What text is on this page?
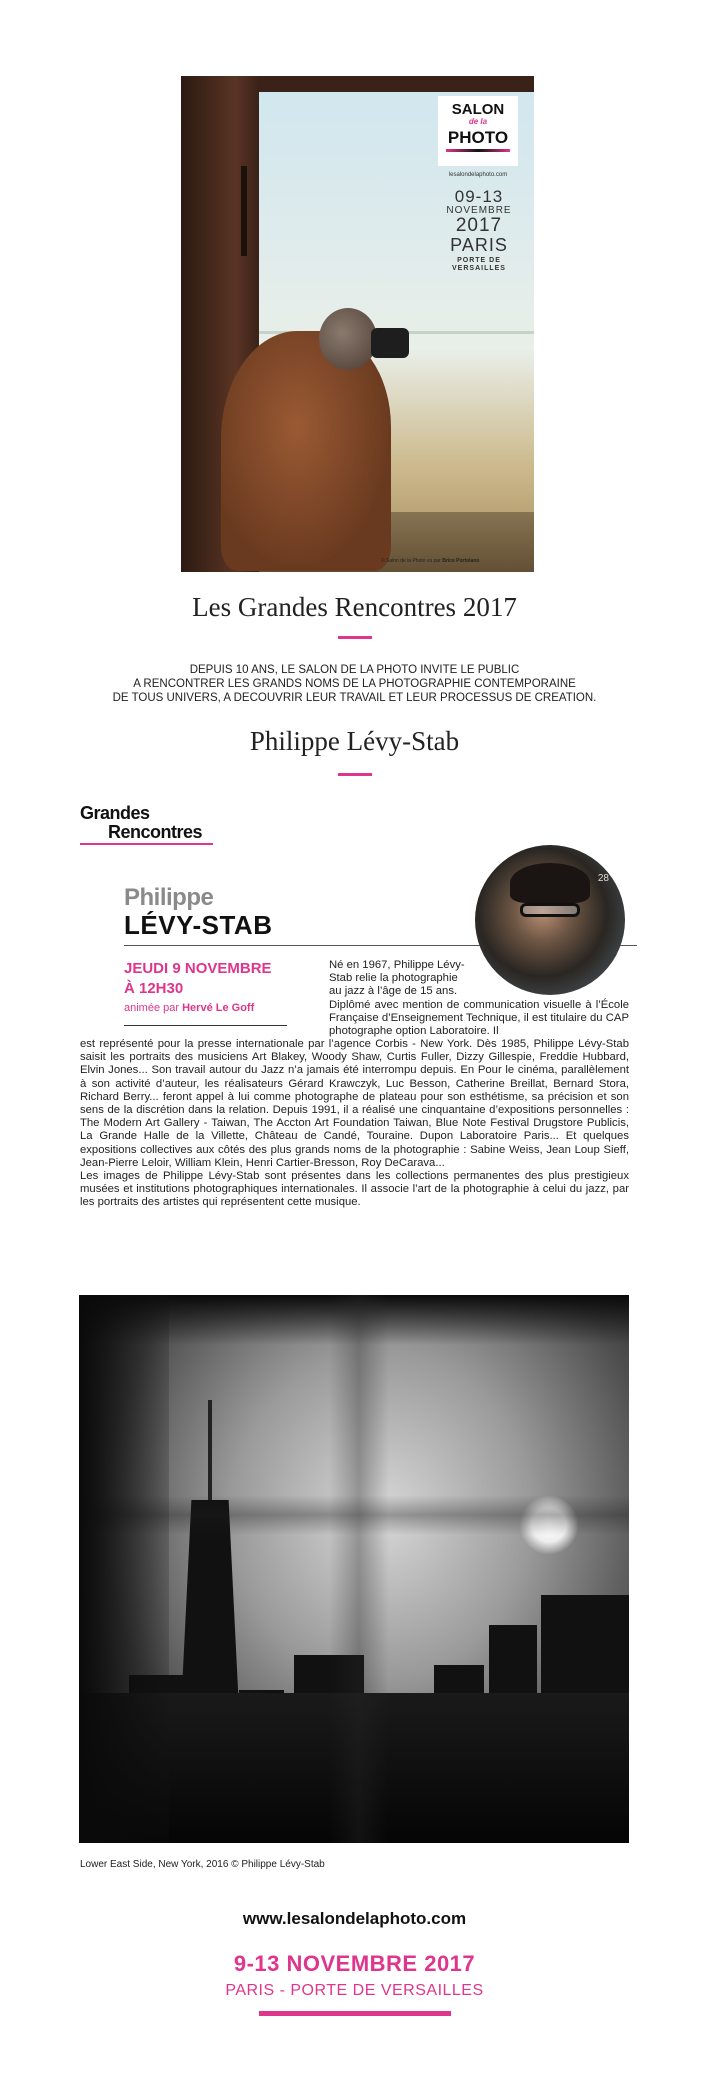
SALON
de la
PHOTO
lesalondelaphoto.com
09-13
NOVEMBRE
2017
PARIS
PORTE DE VERSAILLES
© Salon de la Photo vu par Brice Portolano
Les Grandes Rencontres 2017
DEPUIS 10 ANS, LE SALON DE LA PHOTO INVITE LE PUBLIC
A RENCONTRER LES GRANDS NOMS DE LA PHOTOGRAPHIE CONTEMPORAINE
DE TOUS UNIVERS, A DECOUVRIR LEUR TRAVAIL ET LEUR PROCESSUS DE CREATION.
Philippe Lévy-Stab
Grandes
Rencontres
Philippe
LÉVY-STAB
28
JEUDI 9 NOVEMBRE
À 12H30
animée par Hervé Le Goff
Né en 1967, Philippe Lévy-
Stab relie la photographie
au jazz à l’âge de 15 ans.
Diplômé avec mention de communication visuelle à l’École Française d’Enseignement Technique, il est titulaire du CAP photographe option Laboratoire. Il
est représenté pour la presse internationale par l’agence Corbis - New York. Dès 1985, Philippe Lévy-Stab saisit les portraits des musiciens Art Blakey, Woody Shaw, Curtis Fuller, Dizzy Gillespie, Freddie Hubbard, Elvin Jones... Son travail autour du Jazz n’a jamais été interrompu depuis. En Pour le cinéma, parallèlement à son activité d’auteur, les réalisateurs Gérard Krawczyk, Luc Besson, Catherine Breillat, Bernard Stora, Richard Berry... feront appel à lui comme photographe de plateau pour son esthétisme, sa précision et son sens de la discrétion dans la relation. Depuis 1991, il a réalisé une cinquantaine d’expositions personnelles : The Modern Art Gallery - Taiwan, The Accton Art Foundation Taiwan, Blue Note Festival Drugstore Publicis, La Grande Halle de la Villette, Château de Candé, Touraine. Dupon Laboratoire Paris... Et quelques expositions collectives aux côtés des plus grands noms de la photographie : Sabine Weiss, Jean Loup Sieff, Jean-Pierre Leloir, William Klein, Henri Cartier-Bresson, Roy DeCarava...
Les images de Philippe Lévy-Stab sont présentes dans les collections permanentes des plus prestigieux musées et institutions photographiques internationales. Il associe l’art de la photographie à celui du jazz, par les portraits des artistes qui représentent cette musique.
Lower East Side, New York, 2016 © Philippe Lévy-Stab
www.lesalondelaphoto.com
9-13 NOVEMBRE 2017
PARIS - PORTE DE VERSAILLES
